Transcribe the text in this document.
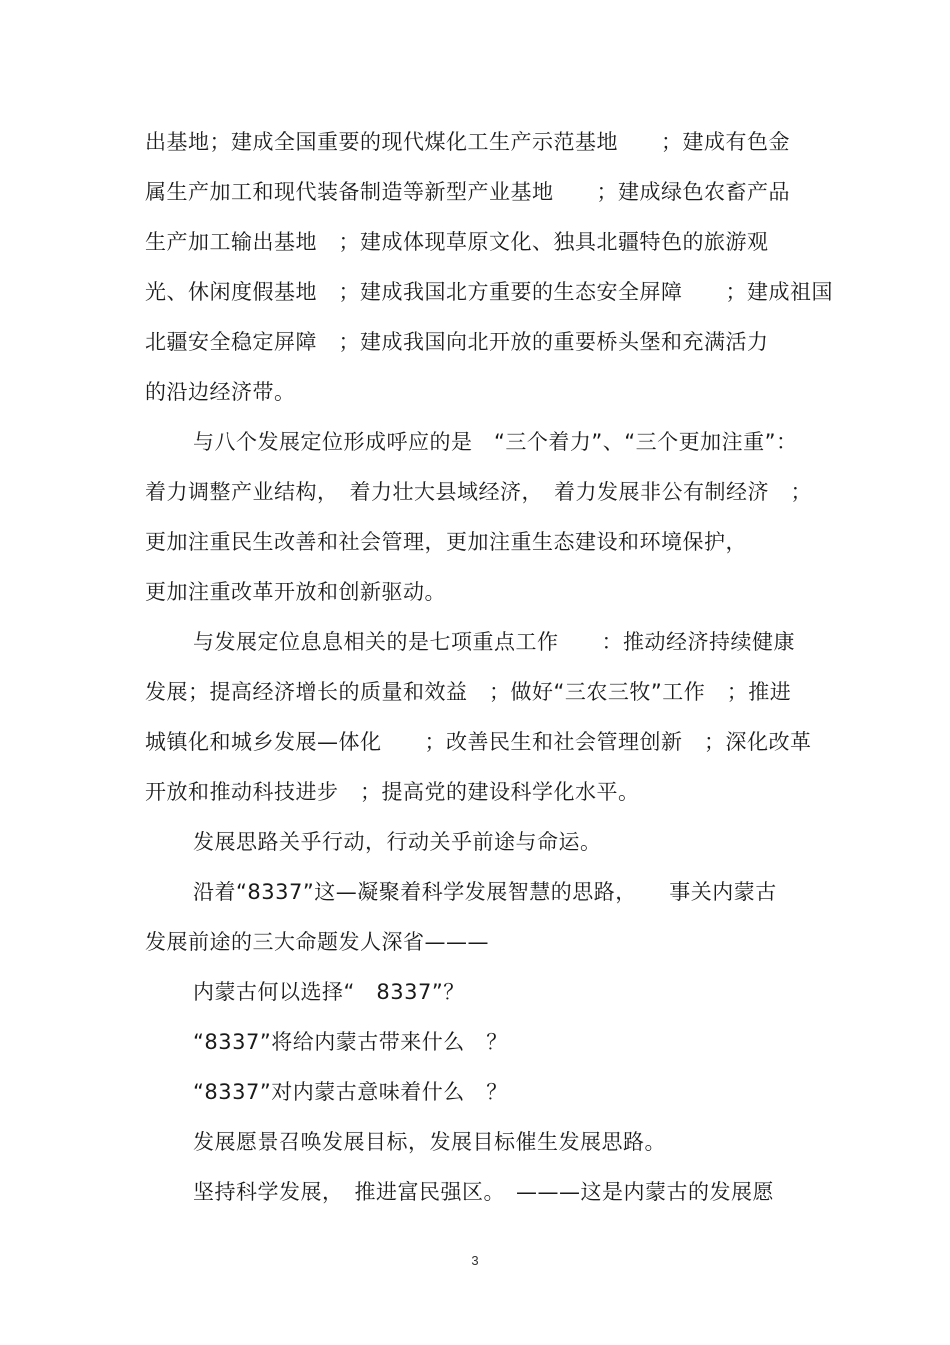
出基地；建成全国重要的现代煤化工生产示范基地　　；建成有色金
属生产加工和现代装备制造等新型产业基地　　；建成绿色农畜产品
生产加工输出基地　；建成体现草原文化、独具北疆特色的旅游观
光、休闲度假基地　；建成我国北方重要的生态安全屏障　　；建成祖国
北疆安全稳定屏障　；建成我国向北开放的重要桥头堡和充满活力
的沿边经济带。
与八个发展定位形成呼应的是　“三个着力”、“三个更加注重”：
着力调整产业结构，　着力壮大县域经济，　着力发展非公有制经济　；
更加注重民生改善和社会管理，更加注重生态建设和环境保护，
更加注重改革开放和创新驱动。
与发展定位息息相关的是七项重点工作　　：推动经济持续健康
发展；提高经济增长的质量和效益　；做好“三农三牧”工作　；推进
城镇化和城乡发展—体化　　；改善民生和社会管理创新　；深化改革
开放和推动科技进步　；提高党的建设科学化水平。
发展思路关乎行动，行动关乎前途与命运。
沿着“8337”这—凝聚着科学发展智慧的思路，　　事关内蒙古
发展前途的三大命题发人深省———
内蒙古何以选择“　8337”？
“8337”将给内蒙古带来什么　？
“8337”对内蒙古意味着什么　？
发展愿景召唤发展目标，发展目标催生发展思路。
坚持科学发展，　推进富民强区。　———这是内蒙古的发展愿
3
